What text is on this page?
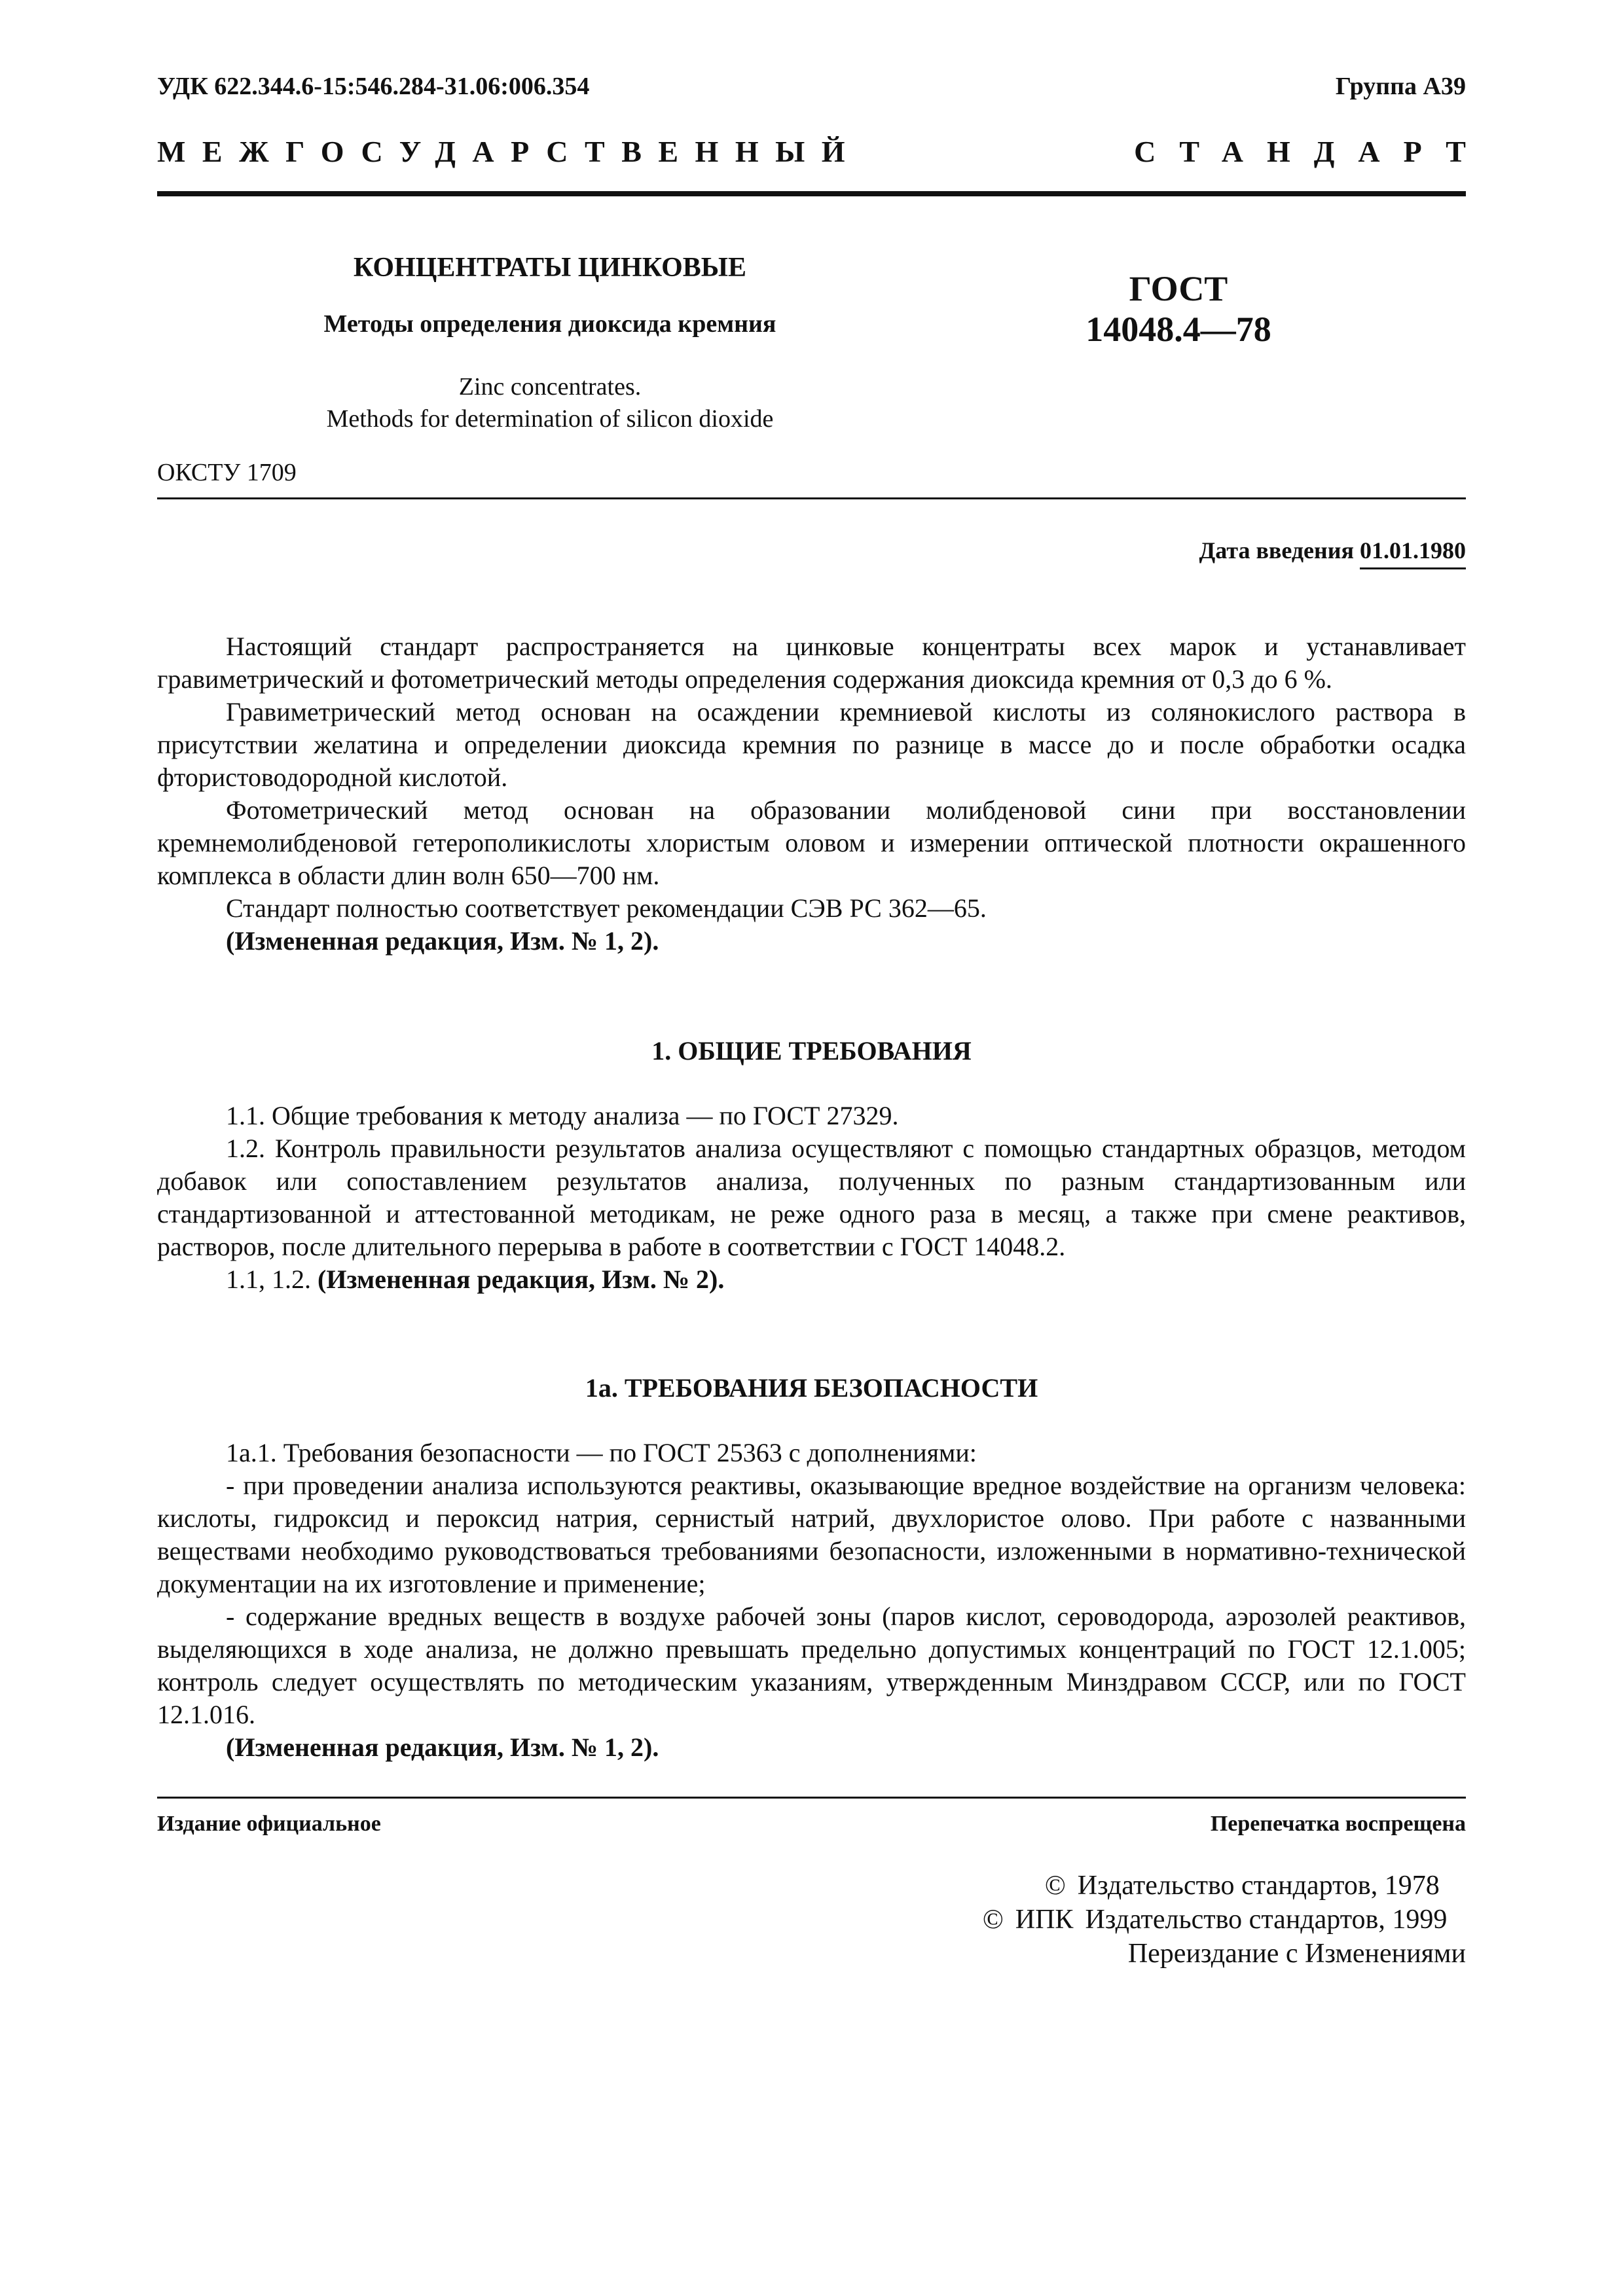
УДК 622.344.6-15:546.284-31.06:006.354	Группа А39
МЕЖГОСУДАРСТВЕННЫЙ	СТАНДАРТ
КОНЦЕНТРАТЫ ЦИНКОВЫЕ
Методы определения диоксида кремния
Zinc concentrates.
Methods for determination of silicon dioxide
ГОСТ
14048.4—78
ОКСТУ 1709
Дата введения 01.01.1980

Настоящий стандарт распространяется на цинковые концентраты всех марок и устанавливает гравиметрический и фотометрический методы определения содержания диоксида кремния от 0,3 до 6 %.

Гравиметрический метод основан на осаждении кремниевой кислоты из солянокислого раствора в присутствии желатина и определении диоксида кремния по разнице в массе до и после обработки осадка фтористоводородной кислотой.

Фотометрический метод основан на образовании молибденовой сини при восстановлении кремнемолибденовой гетерополикислоты хлористым оловом и измерении оптической плотности окрашенного комплекса в области длин волн 650—700 нм.

Стандарт полностью соответствует рекомендации СЭВ РС 362—65.

(Измененная редакция, Изм. № 1, 2).

1. ОБЩИЕ ТРЕБОВАНИЯ

1.1. Общие требования к методу анализа — по ГОСТ 27329.

1.2. Контроль правильности результатов анализа осуществляют с помощью стандартных образцов, методом добавок или сопоставлением результатов анализа, полученных по разным стандартизованным или стандартизованной и аттестованной методикам, не реже одного раза в месяц, а также при смене реактивов, растворов, после длительного перерыва в работе в соответствии с ГОСТ 14048.2.

1.1, 1.2. (Измененная редакция, Изм. № 2).

1а. ТРЕБОВАНИЯ БЕЗОПАСНОСТИ

1а.1. Требования безопасности — по ГОСТ 25363 с дополнениями:

- при проведении анализа используются реактивы, оказывающие вредное воздействие на организм человека: кислоты, гидроксид и пероксид натрия, сернистый натрий, двухлористое олово. При работе с названными веществами необходимо руководствоваться требованиями безопасности, изложенными в нормативно-технической документации на их изготовление и применение;

- содержание вредных веществ в воздухе рабочей зоны (паров кислот, сероводорода, аэрозолей реактивов, выделяющихся в ходе анализа, не должно превышать предельно допустимых концентраций по ГОСТ 12.1.005; контроль следует осуществлять по методическим указаниям, утвержденным Минздравом СССР, или по ГОСТ 12.1.016.

(Измененная редакция, Изм. № 1, 2).

Издание официальное	Перепечатка воспрещена
© Издательство стандартов, 1978
© ИПК Издательство стандартов, 1999
Переиздание с Изменениями
